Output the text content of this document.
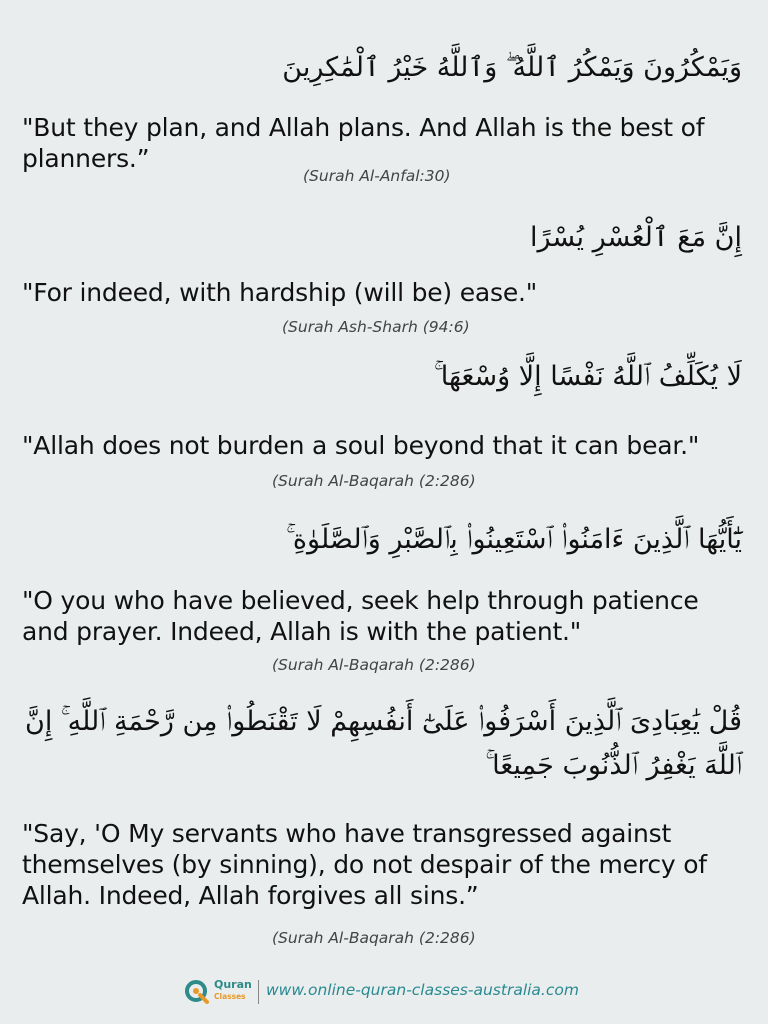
وَيَمْكُرُونَ وَيَمْكُرُ ٱللَّهُ ۖ وَٱللَّهُ خَيْرُ ٱلْمَٰكِرِينَ
"But they plan, and Allah plans. And Allah is the best of planners.”
(Surah Al-Anfal:30)
إِنَّ مَعَ ٱلْعُسْرِ يُسْرًا
"For indeed, with hardship (will be) ease."
(Surah Ash-Sharh (94:6)
لَا يُكَلِّفُ ٱللَّهُ نَفْسًا إِلَّا وُسْعَهَا ۚ
"Allah does not burden a soul beyond that it can bear."
(Surah Al-Baqarah (2:286)
يَٰٓأَيُّهَا ٱلَّذِينَ ءَامَنُوا۟ ٱسْتَعِينُوا۟ بِٱلصَّبْرِ وَٱلصَّلَوٰةِ ۚ
"O you who have believed, seek help through patience and prayer. Indeed, Allah is with the patient."
(Surah Al-Baqarah (2:286)
قُلْ يَٰعِبَادِىَ ٱلَّذِينَ أَسْرَفُوا۟ عَلَىٰٓ أَنفُسِهِمْ لَا تَقْنَطُوا۟ مِن رَّحْمَةِ ٱللَّهِ ۚ إِنَّ ٱللَّهَ يَغْفِرُ ٱلذُّنُوبَ جَمِيعًا ۚ
"Say, 'O My servants who have transgressed against themselves (by sinning), do not despair of the mercy of Allah. Indeed, Allah forgives all sins.”
(Surah Al-Baqarah (2:286)
Quran
Classes	www.online-quran-classes-australia.com
